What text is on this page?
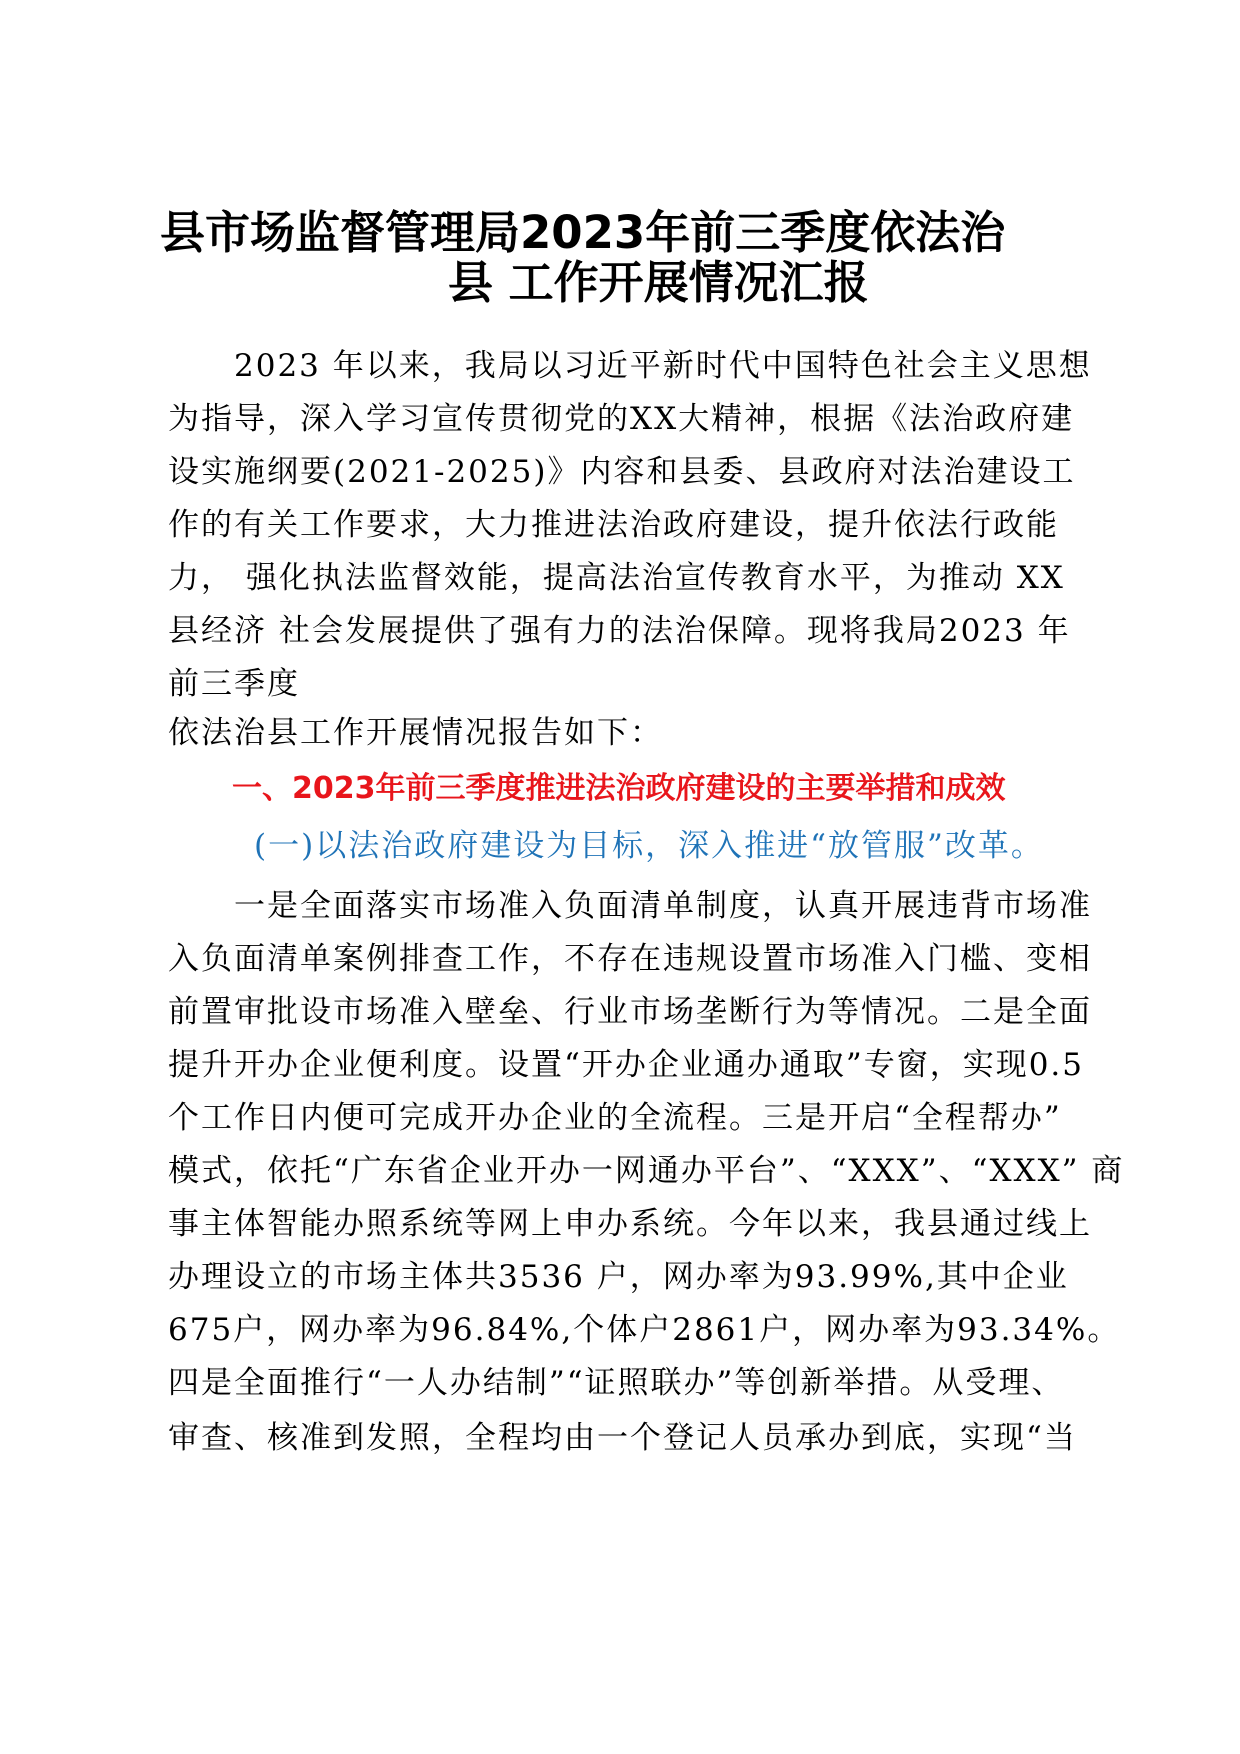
县市场监督管理局2023年前三季度依法治
县 工作开展情况汇报
　　2023 年以来，我局以习近平新时代中国特色社会主义思想
为指导，深入学习宣传贯彻党的XX大精神，根据《法治政府建
设实施纲要(2021-2025)》内容和县委、县政府对法治建设工
作的有关工作要求，大力推进法治政府建设，提升依法行政能
力， 强化执法监督效能，提高法治宣传教育水平，为推动 XX
县经济 社会发展提供了强有力的法治保障。现将我局2023 年
前三季度
依法治县工作开展情况报告如下：
一、2023年前三季度推进法治政府建设的主要举措和成效
(一)以法治政府建设为目标，深入推进“放管服”改革。
　　一是全面落实市场准入负面清单制度，认真开展违背市场准
入负面清单案例排查工作，不存在违规设置市场准入门槛、变相
前置审批设市场准入壁垒、行业市场垄断行为等情况。二是全面
提升开办企业便利度。设置“开办企业通办通取”专窗，实现0.5
个工作日内便可完成开办企业的全流程。三是开启“全程帮办”
模式，依托“广东省企业开办一网通办平台”、“XXX”、“XXX” 商
事主体智能办照系统等网上申办系统。今年以来，我县通过线上
办理设立的市场主体共3536 户，网办率为93.99%,其中企业
675户，网办率为96.84%,个体户2861户，网办率为93.34%。
四是全面推行“一人办结制”“证照联办”等创新举措。从受理、
审查、核准到发照，全程均由一个登记人员承办到底，实现“当
